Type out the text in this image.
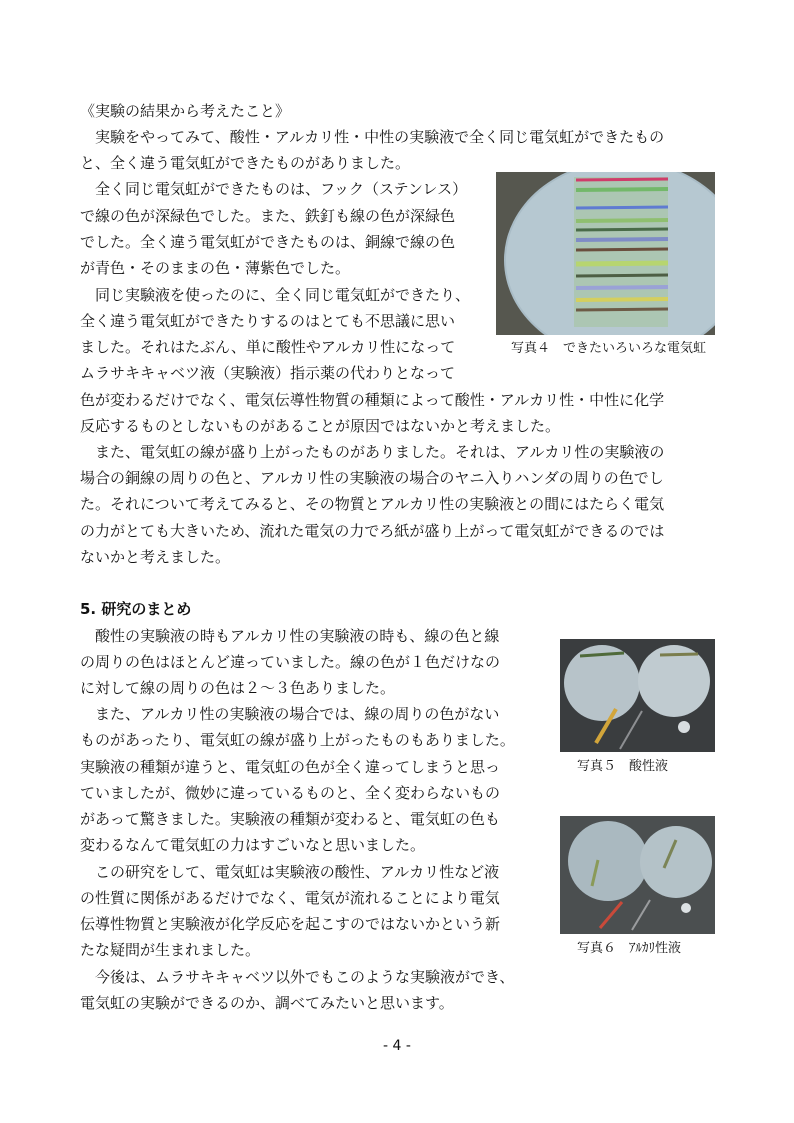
《実験の結果から考えたこと》
実験をやってみて、酸性・アルカリ性・中性の実験液で全く同じ電気虹ができたもの
と、全く違う電気虹ができたものがありました。
全く同じ電気虹ができたものは、フック（ステンレス）
で線の色が深緑色でした。また、鉄釘も線の色が深緑色
でした。全く違う電気虹ができたものは、銅線で線の色
が青色・そのままの色・薄紫色でした。
同じ実験液を使ったのに、全く同じ電気虹ができたり、
全く違う電気虹ができたりするのはとても不思議に思い
ました。それはたぶん、単に酸性やアルカリ性になって
ムラサキキャベツ液（実験液）指示薬の代わりとなって
色が変わるだけでなく、電気伝導性物質の種類によって酸性・アルカリ性・中性に化学
反応するものとしないものがあることが原因ではないかと考えました。
また、電気虹の線が盛り上がったものがありました。それは、アルカリ性の実験液の
場合の銅線の周りの色と、アルカリ性の実験液の場合のヤニ入りハンダの周りの色でし
た。それについて考えてみると、その物質とアルカリ性の実験液との間にはたらく電気
の力がとても大きいため、流れた電気の力でろ紙が盛り上がって電気虹ができるのでは
ないかと考えました。
写真４　できたいろいろな電気虹
5. 研究のまとめ
酸性の実験液の時もアルカリ性の実験液の時も、線の色と線
の周りの色はほとんど違っていました。線の色が１色だけなの
に対して線の周りの色は２～３色ありました。
また、アルカリ性の実験液の場合では、線の周りの色がない
ものがあったり、電気虹の線が盛り上がったものもありました。
実験液の種類が違うと、電気虹の色が全く違ってしまうと思っ
ていましたが、微妙に違っているものと、全く変わらないもの
があって驚きました。実験液の種類が変わると、電気虹の色も
変わるなんて電気虹の力はすごいなと思いました。
この研究をして、電気虹は実験液の酸性、アルカリ性など液
の性質に関係があるだけでなく、電気が流れることにより電気
伝導性物質と実験液が化学反応を起こすのではないかという新
たな疑問が生まれました。
今後は、ムラサキキャベツ以外でもこのような実験液ができ、
電気虹の実験ができるのか、調べてみたいと思います。
写真５　酸性液
写真６　ｱﾙｶﾘ性液
- 4 -
